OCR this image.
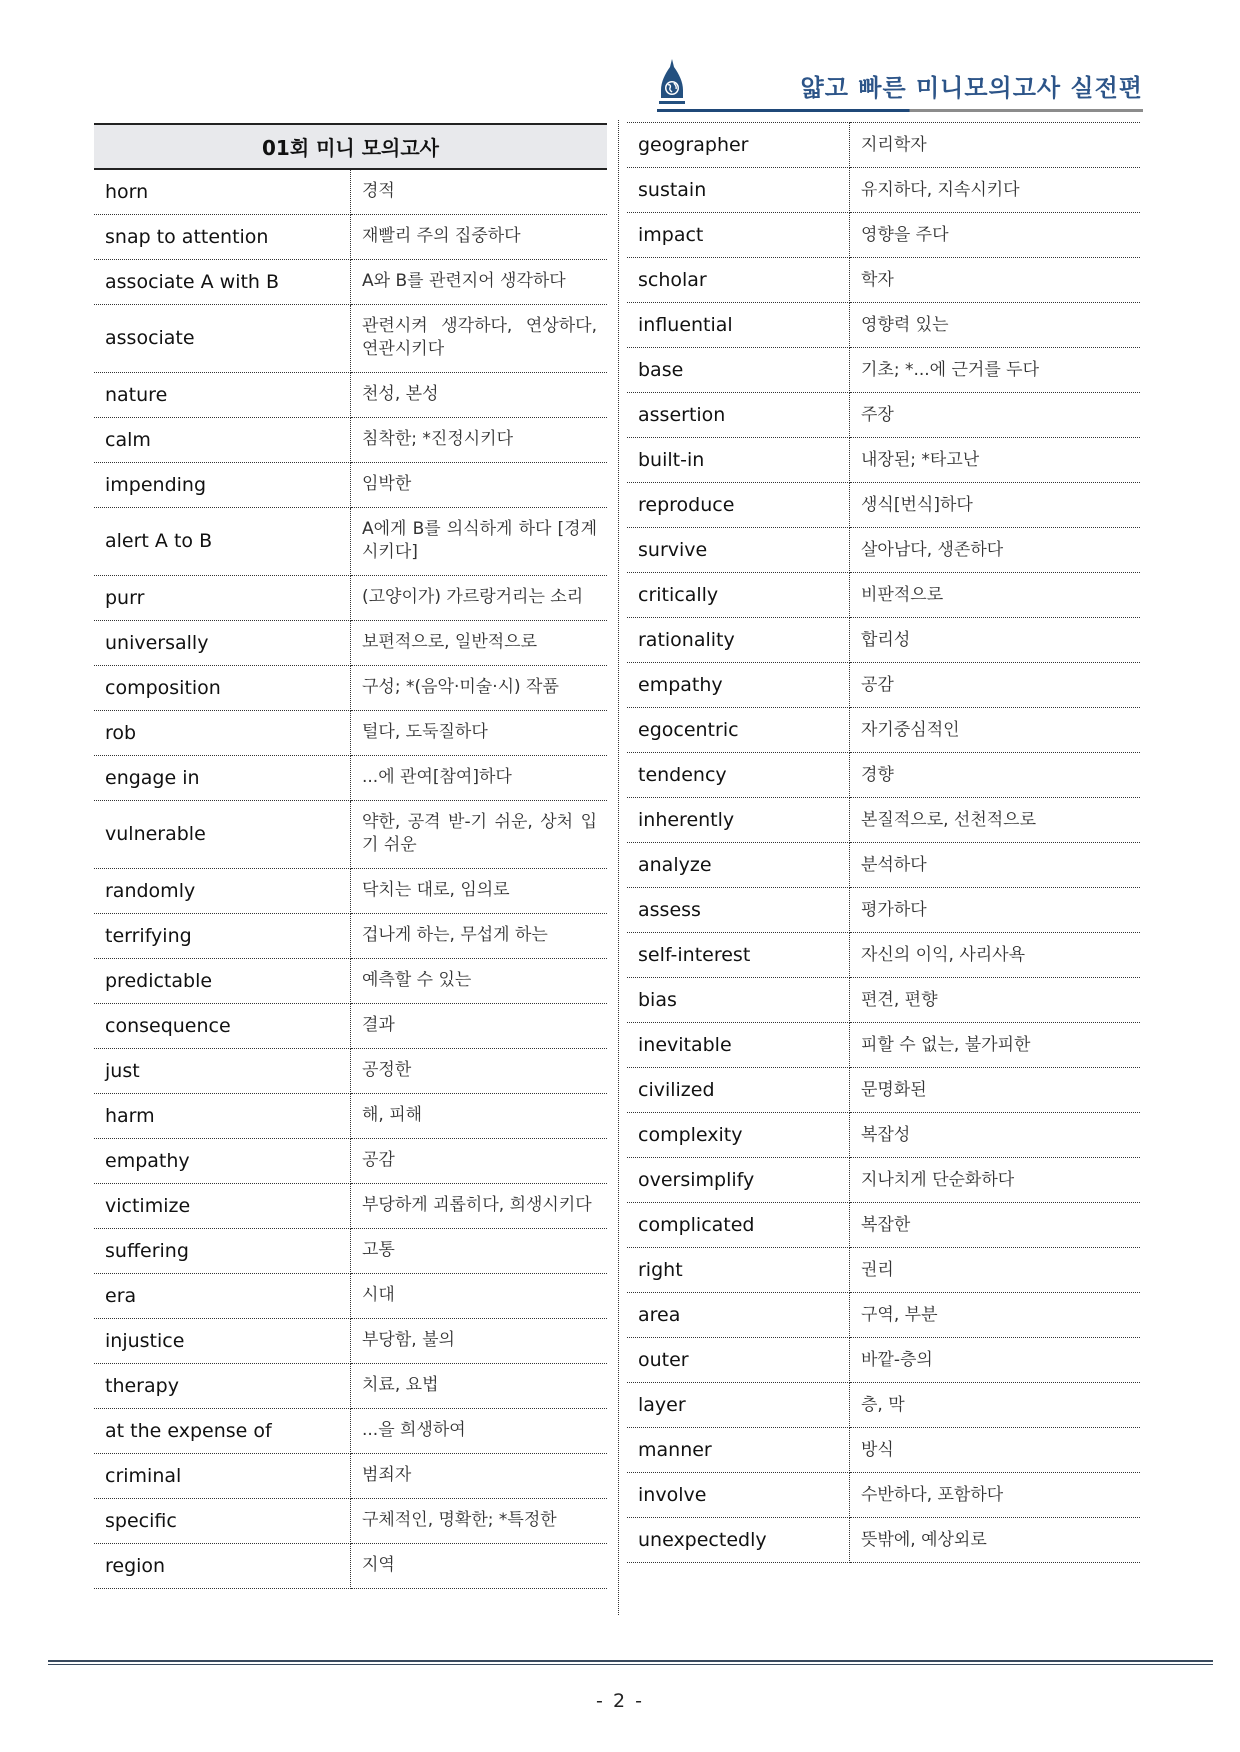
얇고 빠른 미니모의고사 실전편
01회 미니 모의고사	
horn	경적
snap to attention	재빨리 주의 집중하다
associate A with B	A와 B를 관련지어 생각하다
associate	관련시켜 생각하다, 연상하다, 연관시키다
nature	천성, 본성
calm	침착한; *진정시키다
impending	임박한
alert A to B	A에게 B를 의식하게 하다 [경계시키다]
purr	(고양이가) 가르랑거리는 소리
universally	보편적으로, 일반적으로
composition	구성; *(음악·미술·시) 작품
rob	털다, 도둑질하다
engage in	...에 관여[참여]하다
vulnerable	약한, 공격 받-기 쉬운, 상처 입기 쉬운
randomly	닥치는 대로, 임의로
terrifying	겁나게 하는, 무섭게 하는
predictable	예측할 수 있는
consequence	결과
just	공정한
harm	해, 피해
empathy	공감
victimize	부당하게 괴롭히다, 희생시키다
suffering	고통
era	시대
injustice	부당함, 불의
therapy	치료, 요법
at the expense of	...을 희생하여
criminal	범죄자
specific	구체적인, 명확한; *특정한
region	지역
geographer	지리학자
sustain	유지하다, 지속시키다
impact	영향을 주다
scholar	학자
influential	영향력 있는
base	기초; *...에 근거를 두다
assertion	주장
built-in	내장된; *타고난
reproduce	생식[번식]하다
survive	살아남다, 생존하다
critically	비판적으로
rationality	합리성
empathy	공감
egocentric	자기중심적인
tendency	경향
inherently	본질적으로, 선천적으로
analyze	분석하다
assess	평가하다
self-interest	자신의 이익, 사리사욕
bias	편견, 편향
inevitable	피할 수 없는, 불가피한
civilized	문명화된
complexity	복잡성
oversimplify	지나치게 단순화하다
complicated	복잡한
right	권리
area	구역, 부분
outer	바깥-층의
layer	층, 막
manner	방식
involve	수반하다, 포함하다
unexpectedly	뜻밖에, 예상외로
- 2 -
